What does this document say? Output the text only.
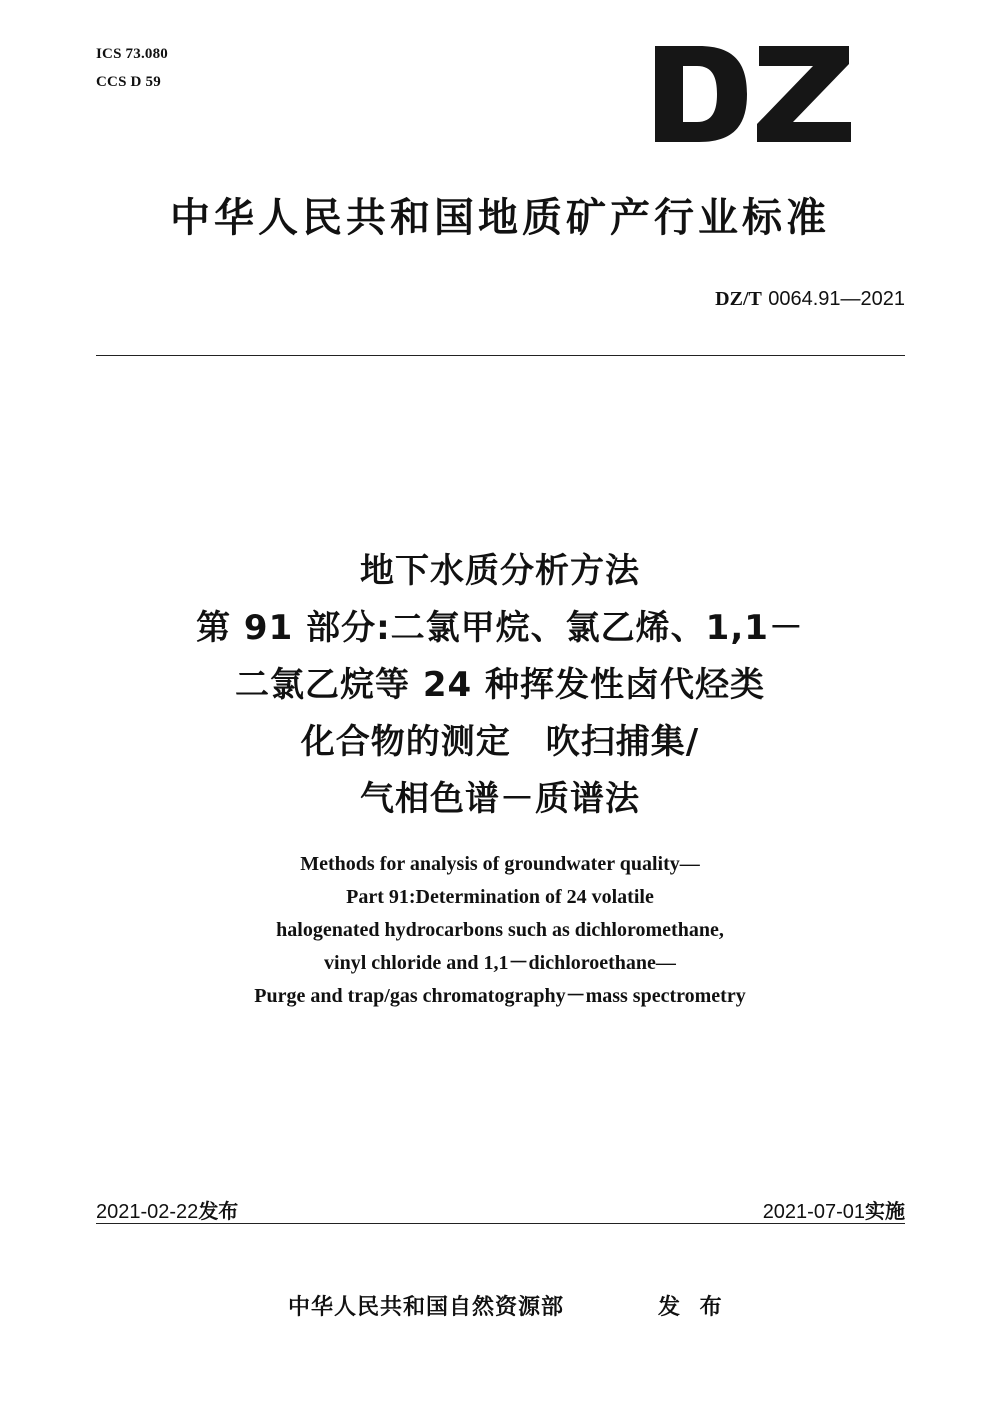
ICS 73.080
CCS D 59
中华人民共和国地质矿产行业标准
DZ/T 0064.91—2021
地下水质分析方法
第 91 部分:二氯甲烷、氯乙烯、1,1－
二氯乙烷等 24 种挥发性卤代烃类
化合物的测定　吹扫捕集/
气相色谱－质谱法
Methods for analysis of groundwater quality—
Part 91:Determination of 24 volatile
halogenated hydrocarbons such as dichloromethane,
vinyl chloride and 1,1－dichloroethane—
Purge and trap/gas chromatography－mass spectrometry
2021-02-22发布	2021-07-01实施
中华人民共和国自然资源部	发 布
